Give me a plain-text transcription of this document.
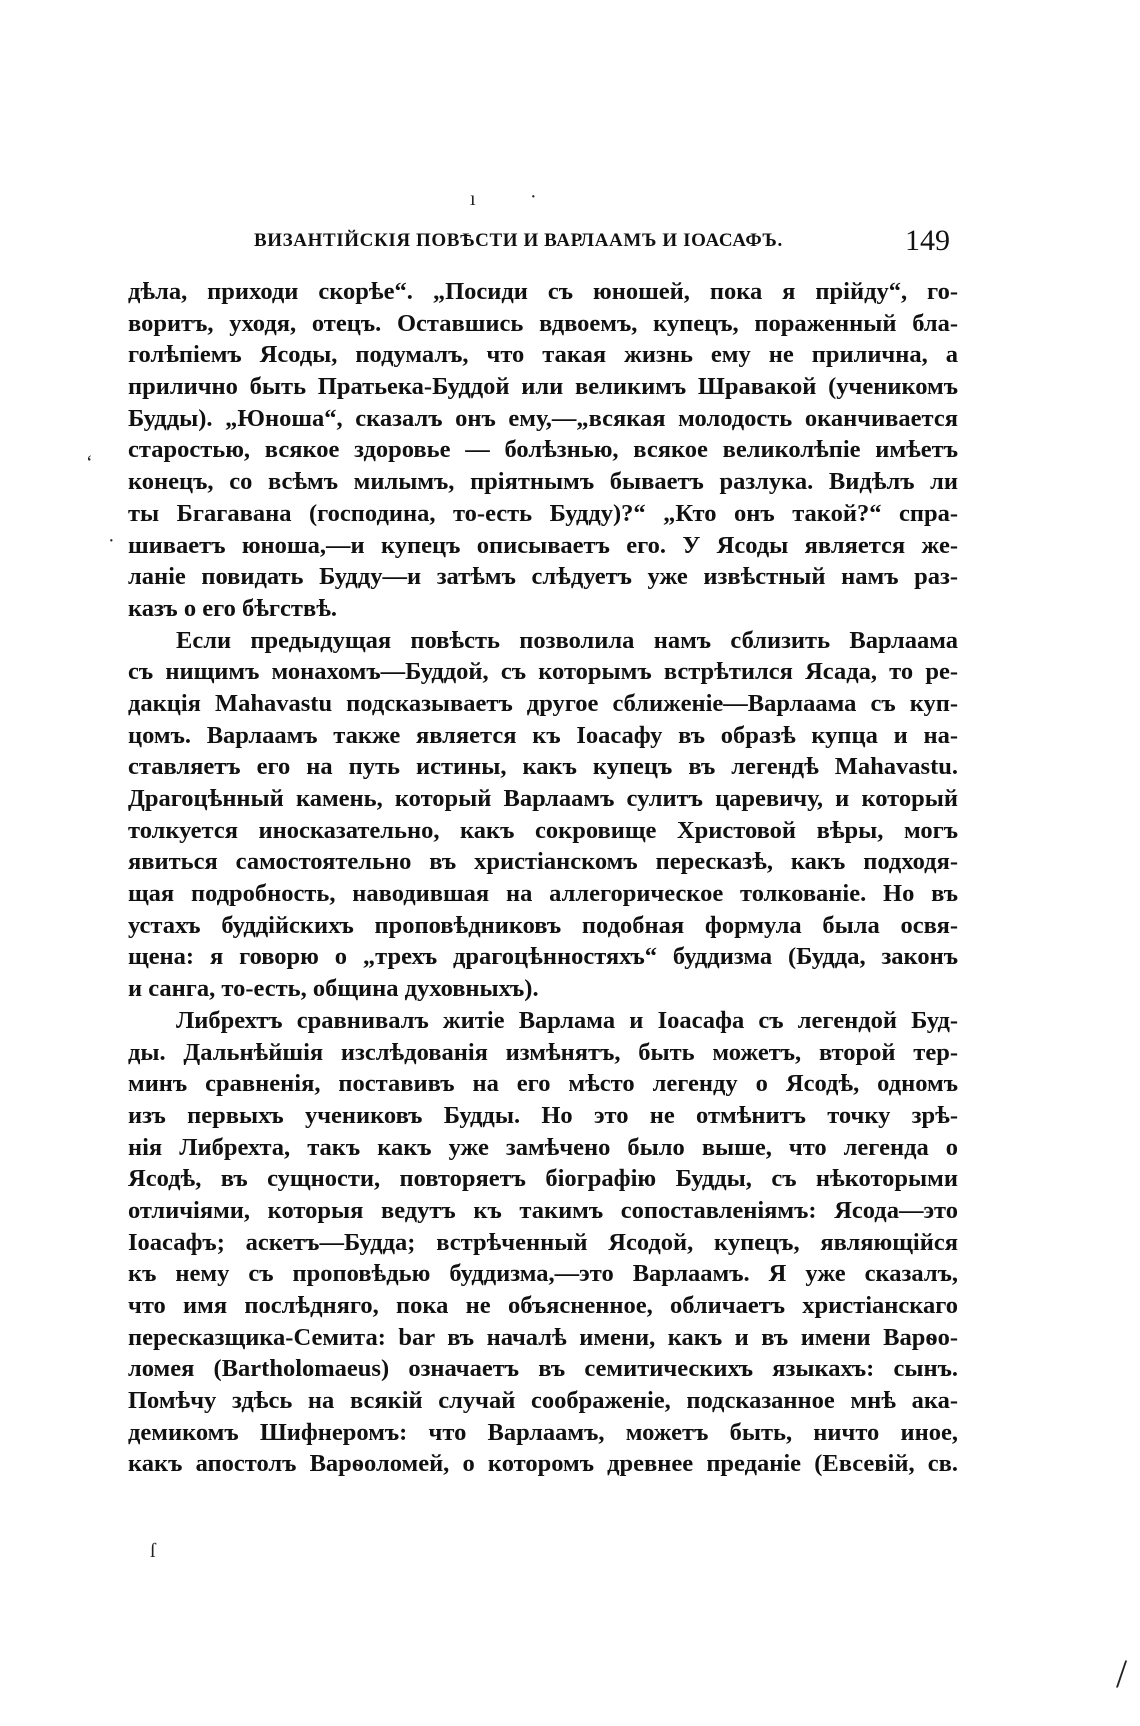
ВИЗАНТІЙСКІЯ ПОВѢСТИ И ВАРЛААМЪ И ІОАСАФЪ.	149
дѣла, приходи скорѣе“. „Посиди съ юношей, пока я прійду“, го-
воритъ, уходя, отецъ. Оставшись вдвоемъ, купецъ, пораженный бла-
голѣпіемъ Ясоды, подумалъ, что такая жизнь ему не прилична, а
прилично быть Пратьека-Буддой или великимъ Шравакой (ученикомъ
Будды). „Юноша“, сказалъ онъ ему,—„всякая молодость оканчивается
старостью, всякое здоровье — болѣзнью, всякое великолѣпіе имѣетъ
конецъ, со всѣмъ милымъ, пріятнымъ бываетъ разлука. Видѣлъ ли
ты Бгагавана (господина, то-есть Будду)?“ „Кто онъ такой?“ спра-
шиваетъ юноша,—и купецъ описываетъ его. У Ясоды является же-
ланіе повидать Будду—и затѣмъ слѣдуетъ уже извѣстный намъ раз-
казъ о его бѣгствѣ.
Если предыдущая повѣсть позволила намъ сблизить Варлаама
съ нищимъ монахомъ—Буддой, съ которымъ встрѣтился Ясада, то ре-
дакція Mahavastu подсказываетъ другое сближеніе—Варлаама съ куп-
цомъ. Варлаамъ также является къ Іоасафу въ образѣ купца и на-
ставляетъ его на путь истины, какъ купецъ въ легендѣ Mahavastu.
Драгоцѣнный камень, который Варлаамъ сулитъ царевичу, и который
толкуется иносказательно, какъ сокровище Христовой вѣры, могъ
явиться самостоятельно въ христіанскомъ пересказѣ, какъ подходя-
щая подробность, наводившая на аллегорическое толкованіе. Но въ
устахъ буддійскихъ проповѣдниковъ подобная формула была освя-
щена: я говорю о „трехъ драгоцѣнностяхъ“ буддизма (Будда, законъ
и санга, то-есть, община духовныхъ).
Либрехтъ сравнивалъ житіе Варлама и Іоасафа съ легендой Буд-
ды. Дальнѣйшія изслѣдованія измѣнятъ, быть можетъ, второй тер-
минъ сравненія, поставивъ на его мѣсто легенду о Ясодѣ, одномъ
изъ первыхъ учениковъ Будды. Но это не отмѣнитъ точку зрѣ-
нія Либрехта, такъ какъ уже замѣчено было выше, что легенда о
Ясодѣ, въ сущности, повторяетъ біографію Будды, съ нѣкоторыми
отличіями, которыя ведутъ къ такимъ сопоставленіямъ: Ясода—это
Іоасафъ; аскетъ—Будда; встрѣченный Ясодой, купецъ, являющійся
къ нему съ проповѣдью буддизма,—это Варлаамъ. Я уже сказалъ,
что имя послѣдняго, пока не объясненное, обличаетъ христіанскаго
пересказщика-Семита: bar въ началѣ имени, какъ и въ имени Варѳо-
ломея (Bartholomaeus) означаетъ въ семитическихъ языкахъ: сынъ.
Помѣчу здѣсь на всякій случай соображеніе, подсказанное мнѣ ака-
демикомъ Шифнеромъ: что Варлаамъ, можетъ быть, ничто иное,
какъ апостолъ Варѳоломей, о которомъ древнее преданіе (Евсевій, св.
ı	·
‘
·
ſ
/
